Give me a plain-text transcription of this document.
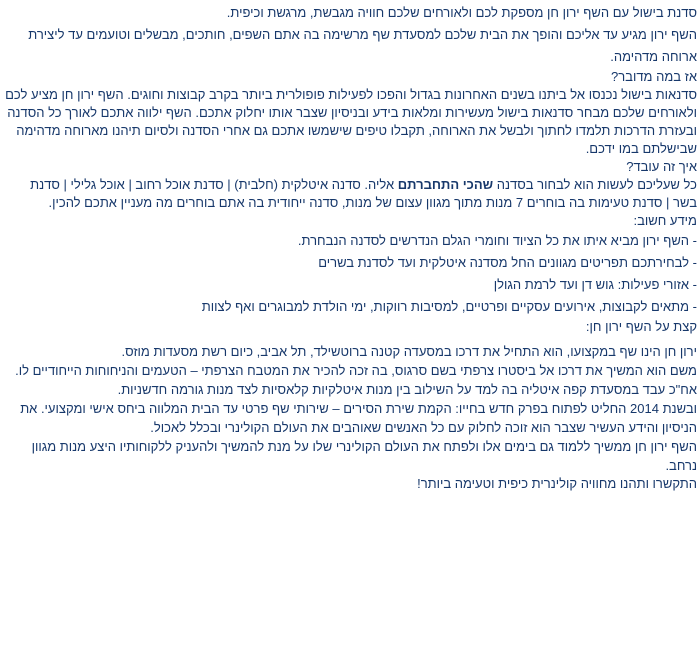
סדנת בישול עם השף ירון חן מספקת לכם ולאורחים שלכם חוויה מגבשת, מרגשת וכיפית.

השף ירון מגיע עד אליכם והופך את הבית שלכם למסעדת שף מרשימה בה אתם השפים, חותכים, מבשלים וטועמים עד ליצירת ארוחה מדהימה.

אז במה מדובר?

סדנאות בישול נכנסו אל ביתנו בשנים האחרונות בגדול והפכו לפעילות פופולרית ביותר בקרב קבוצות וחוגים. השף ירון חן מציע לכם ולאורחים שלכם מבחר סדנאות בישול מעשירות ומלאות בידע ובניסיון שצבר אותו יחלוק אתכם. השף ילווה אתכם לאורך כל הסדנה ובעזרת הדרכות תלמדו לחתוך ולבשל את הארוחה, תקבלו טיפים שישמשו אתכם גם אחרי הסדנה ולסיום תיהנו מארוחה מדהימה שבישלתם במו ידכם.

איך זה עובד?

כל שעליכם לעשות הוא לבחור בסדנה שהכי התחברתם אליה. סדנה איטלקית (חלבית) | סדנת אוכל רחוב | אוכל גלילי | סדנת בשר | סדנת טעימות בה בוחרים 7 מנות מתוך מגוון עצום של מנות, סדנה ייחודית בה אתם בוחרים מה מעניין אתכם להכין.

מידע חשוב:

- השף ירון מביא איתו את כל הציוד וחומרי הגלם הנדרשים לסדנה הנבחרת.

- לבחירתכם תפריטים מגוונים החל מסדנה איטלקית ועד לסדנת בשרים

- אזורי פעילות: גוש דן ועד לרמת הגולן

- מתאים לקבוצות, אירועים עסקיים ופרטיים, למסיבות רווקות, ימי הולדת למבוגרים ואף לצוות

קצת על השף ירון חן:

ירון חן הינו שף במקצועו, הוא התחיל את דרכו במסעדה קטנה ברוטשילד, תל אביב, כיום רשת מסעדות מוזס.

משם הוא המשיך את דרכו אל ביסטרו צרפתי בשם סרגוס, בה זכה להכיר את המטבח הצרפתי – הטעמים והניחוחות הייחודיים לו.

אח"כ עבד במסעדת קפה איטליה בה למד על השילוב בין מנות איטלקיות קלאסיות לצד מנות גורמה חדשניות.

ובשנת 2014 החליט לפתוח בפרק חדש בחייו: הקמת שירת הסירים – שירותי שף פרטי עד הבית המלווה ביחס אישי ומקצועי. את הניסיון והידע העשיר שצבר הוא זוכה לחלוק עם כל האנשים שאוהבים את העולם הקולינרי ובכלל לאכול.

השף ירון חן ממשיך ללמוד גם בימים אלו ולפתח את העולם הקולינרי שלו על מנת להמשיך ולהעניק ללקוחותיו היצע מנות מגוון נרחב.

התקשרו ותהנו מחוויה קולינרית כיפית וטעימה ביותר!
